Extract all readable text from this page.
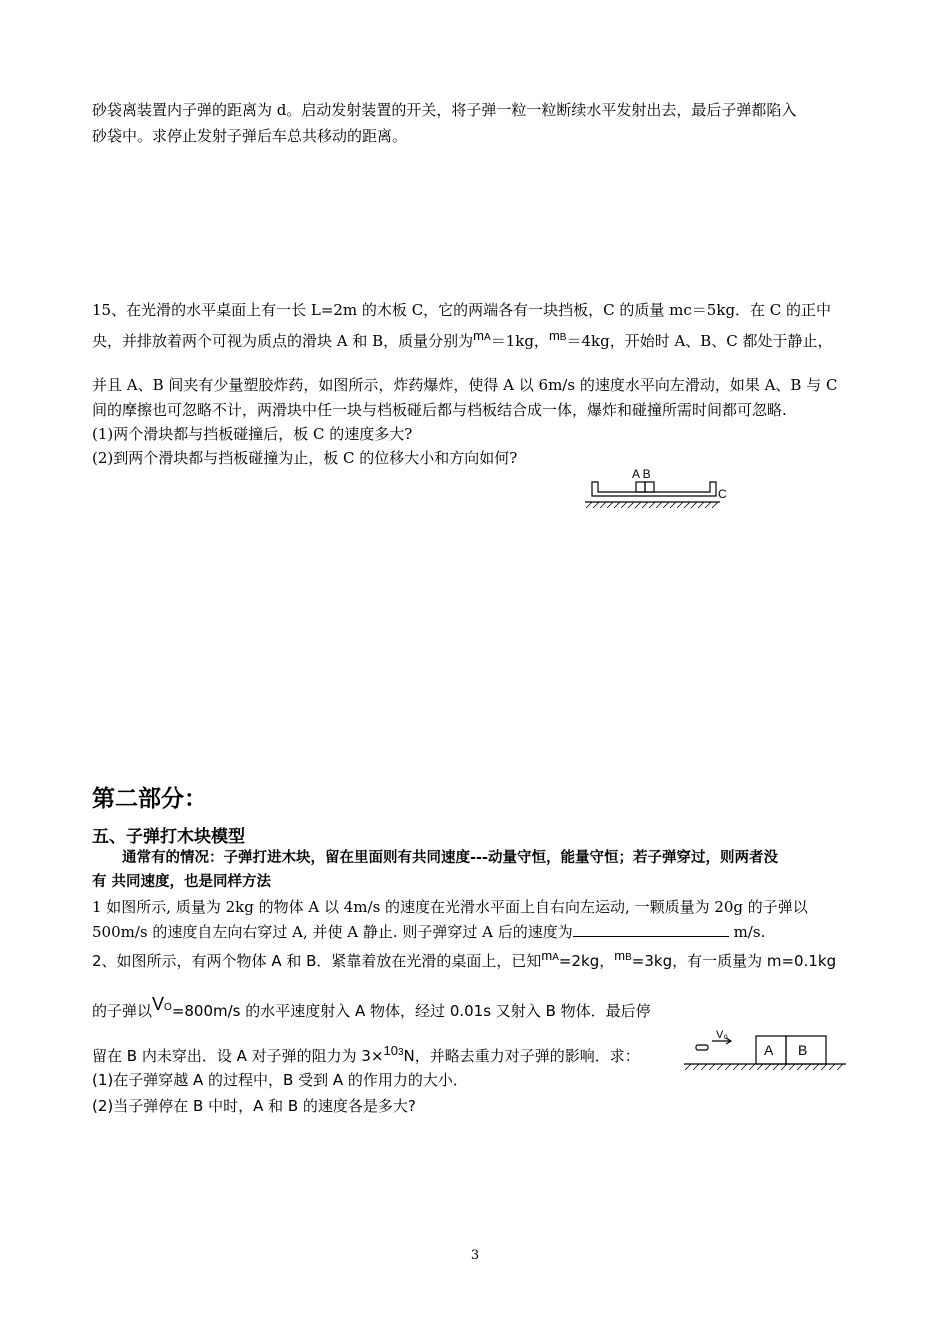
砂袋离装置内子弹的距离为 d。启动发射装置的开关，将子弹一粒一粒断续水平发射出去，最后子弹都陷入
砂袋中。求停止发射子弹后车总共移动的距离。
15、在光滑的水平桌面上有一长 L=2m 的木板 C，它的两端各有一块挡板，C 的质量 mc＝5kg．在 C 的正中
央，并排放着两个可视为质点的滑块 A 和 B，质量分别为mA＝1kg，mB＝4kg，开始时 A、B、C 都处于静止，
并且 A、B 间夹有少量塑胶炸药，如图所示，炸药爆炸，使得 A 以 6m/s 的速度水平向左滑动，如果 A、B 与 C
间的摩擦也可忽略不计，两滑块中任一块与档板碰后都与档板结合成一体，爆炸和碰撞所需时间都可忽略.
(1)两个滑块都与挡板碰撞后，板 C 的速度多大?
(2)到两个滑块都与挡板碰撞为止，板 C 的位移大小和方向如何?
A B
C
第二部分：
五、子弹打木块模型
通常有的情况：子弹打进木块，留在里面则有共同速度---动量守恒，能量守恒；若子弹穿过，则两者没
有 共同速度，也是同样方法
1 如图所示, 质量为 2kg 的物体 A 以 4m/s 的速度在光滑水平面上自右向左运动, 一颗质量为 20g 的子弹以
500m/s 的速度自左向右穿过 A, 并使 A 静止. 则子弹穿过 A 后的速度为	m/s.
2、如图所示，有两个物体 A 和 B．紧靠着放在光滑的桌面上，已知mA=2kg，mB=3kg，有一质量为 m=0.1kg
的子弹以VO=800m/s 的水平速度射入 A 物体，经过 0.01s 又射入 B 物体．最后停
留在 B 内未穿出．设 A 对子弹的阻力为 3×103N，并略去重力对子弹的影响．求：
(1)在子弹穿越 A 的过程中，B 受到 A 的作用力的大小．
(2)当子弹停在 B 中时，A 和 B 的速度各是多大?
V₀
A B
3
